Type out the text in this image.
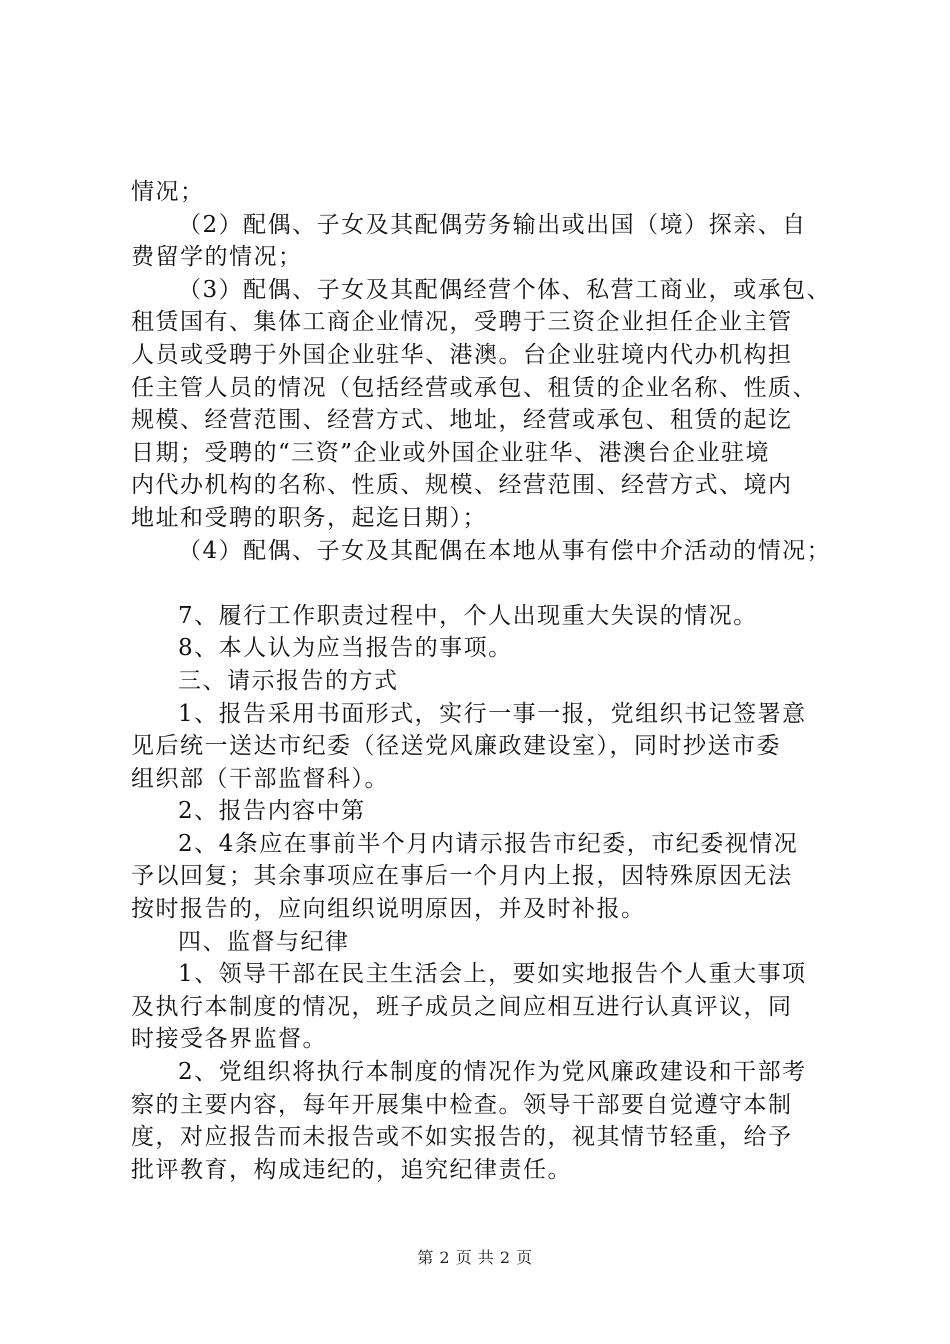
情况；
（2）配偶、子女及其配偶劳务输出或出国（境）探亲、自
费留学的情况；
（3）配偶、子女及其配偶经营个体、私营工商业，或承包、
租赁国有、集体工商企业情况，受聘于三资企业担任企业主管
人员或受聘于外国企业驻华、港澳。台企业驻境内代办机构担
任主管人员的情况（包括经营或承包、租赁的企业名称、性质、
规模、经营范围、经营方式、地址，经营或承包、租赁的起讫
日期；受聘的“三资”企业或外国企业驻华、港澳台企业驻境
内代办机构的名称、性质、规模、经营范围、经营方式、境内
地址和受聘的职务，起迄日期）；
（4）配偶、子女及其配偶在本地从事有偿中介活动的情况；
7、履行工作职责过程中，个人出现重大失误的情况。
8、本人认为应当报告的事项。
三、请示报告的方式
1、报告采用书面形式，实行一事一报，党组织书记签署意
见后统一送达市纪委（径送党风廉政建设室），同时抄送市委
组织部（干部监督科）。
2、报告内容中第
2、4条应在事前半个月内请示报告市纪委，市纪委视情况
予以回复；其余事项应在事后一个月内上报，因特殊原因无法
按时报告的，应向组织说明原因，并及时补报。
四、监督与纪律
1、领导干部在民主生活会上，要如实地报告个人重大事项
及执行本制度的情况，班子成员之间应相互进行认真评议，同
时接受各界监督。
2、党组织将执行本制度的情况作为党风廉政建设和干部考
察的主要内容，每年开展集中检查。领导干部要自觉遵守本制
度，对应报告而未报告或不如实报告的，视其情节轻重，给予
批评教育，构成违纪的，追究纪律责任。
第 2 页 共 2 页
